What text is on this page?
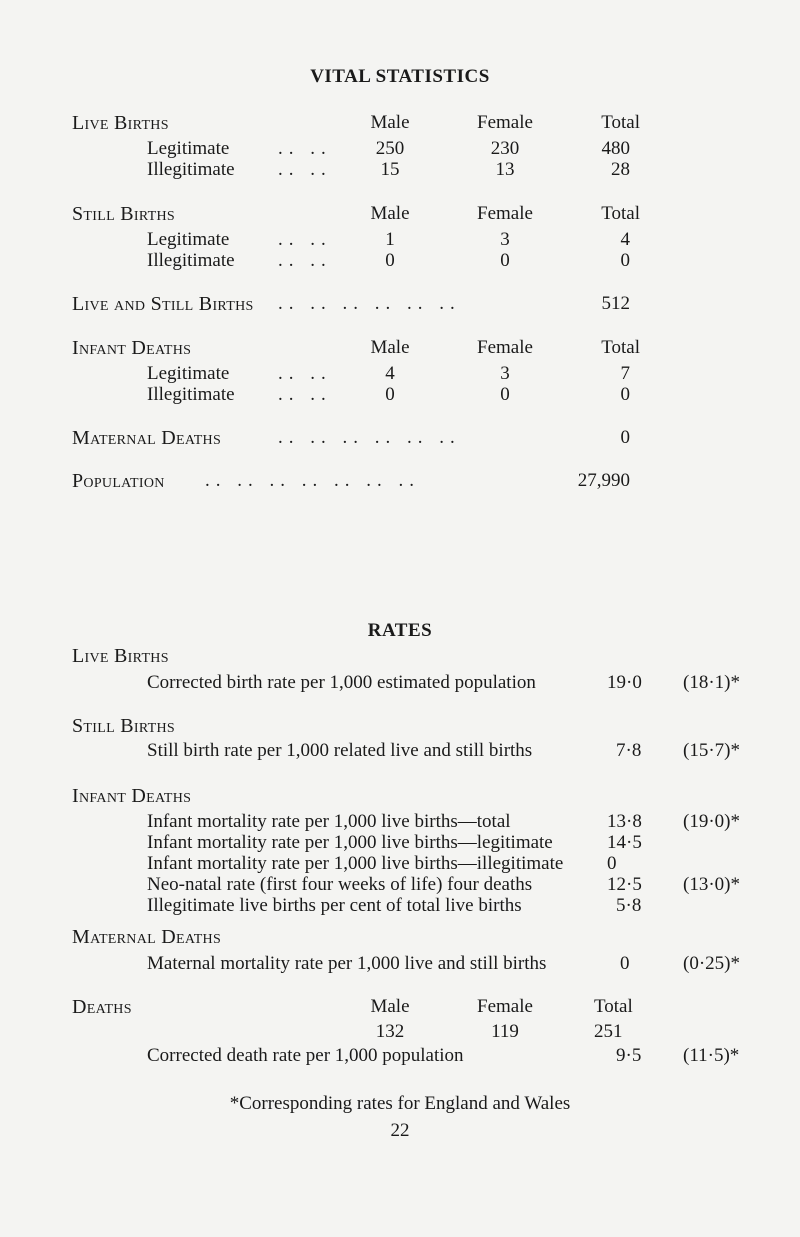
VITAL STATISTICS
Live Births	Male	Female	Total
Legitimate	.. ..	250	230	480
Illegitimate .. ..	15	13	28
Still Births	Male	Female	Total
Legitimate	.. ..	1	3	4
Illegitimate .. ..	0	0	0
Live and Still Births .. .. .. .. .. ..	512
Infant Deaths	Male	Female	Total
Legitimate	.. ..	4	3	7
Illegitimate .. ..	0	0	0
Maternal Deaths	.. .. .. .. .. ..	0
Population .. .. .. .. .. .. ..	27,990
RATES
Live Births
Corrected birth rate per 1,000 estimated population	19·0 (18·1)*
Still Births
Still birth rate per 1,000 related live and still births	7·8 (15·7)*
Infant Deaths
Infant mortality rate per 1,000 live births—total	13·8 (19·0)*
Infant mortality rate per 1,000 live births—legitimate	14·5
Infant mortality rate per 1,000 live births—illegitimate 0
Neo-natal rate (first four weeks of life) four deaths	12·5 (13·0)*
Illegitimate live births per cent of total live births	5·8
Maternal Deaths
Maternal mortality rate per 1,000 live and still births	0	(0·25)*
Deaths	Male	Female	Total
132	119	251
Corrected death rate per 1,000 population	9·5 (11·5)*
*Corresponding rates for England and Wales
22
